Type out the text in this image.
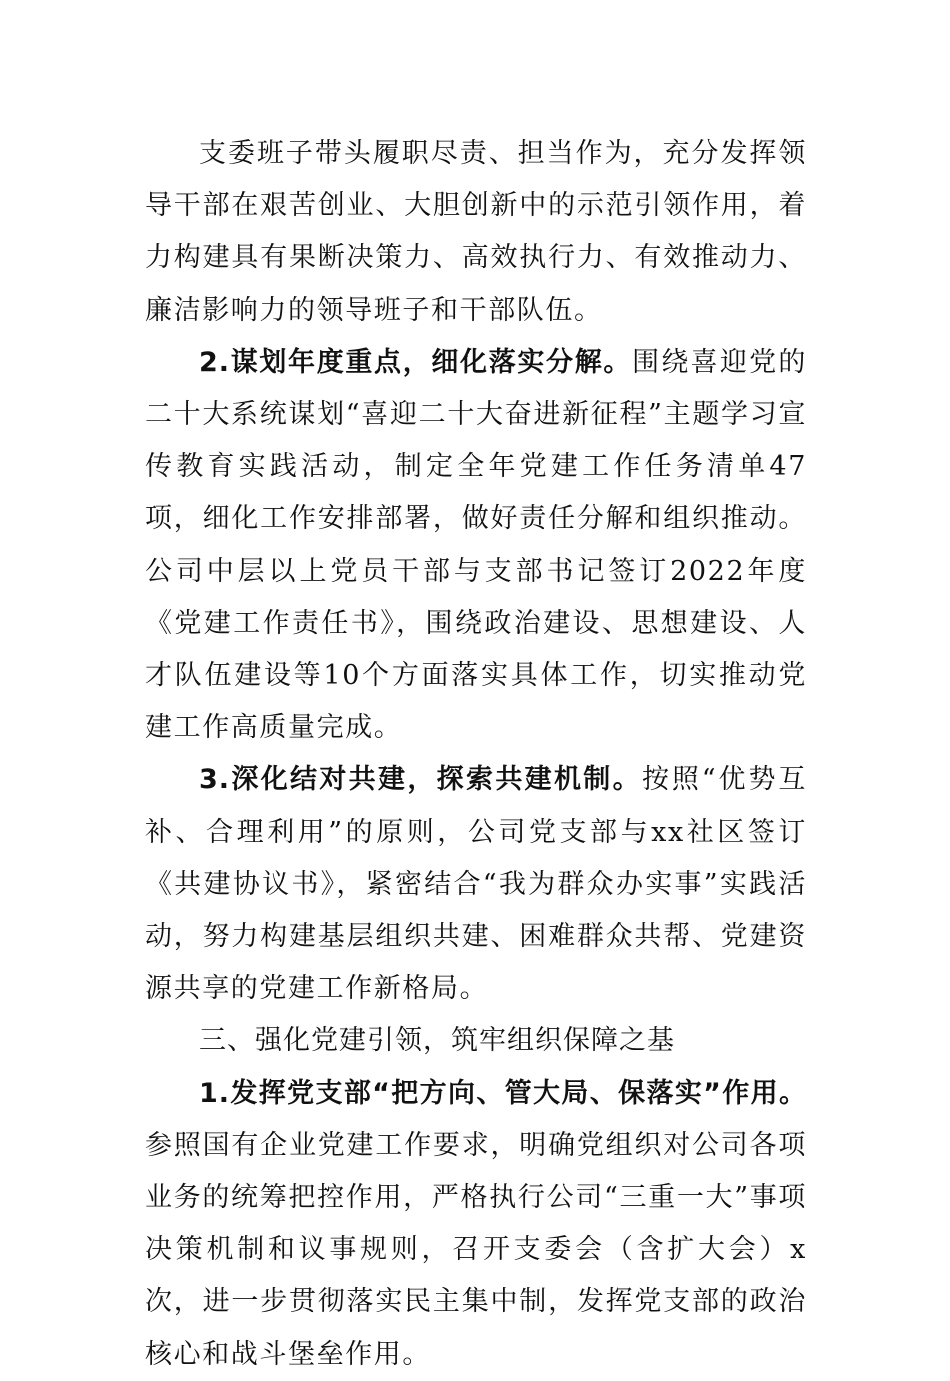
支委班子带头履职尽责、担当作为，充分发挥领导干部在艰苦创业、大胆创新中的示范引领作用，着力构建具有果断决策力、高效执行力、有效推动力、廉洁影响力的领导班子和干部队伍。

2.谋划年度重点，细化落实分解。围绕喜迎党的二十大系统谋划“喜迎二十大奋进新征程”主题学习宣传教育实践活动，制定全年党建工作任务清单47项，细化工作安排部署，做好责任分解和组织推动。公司中层以上党员干部与支部书记签订2022年度《党建工作责任书》，围绕政治建设、思想建设、人才队伍建设等10个方面落实具体工作，切实推动党建工作高质量完成。

3.深化结对共建，探索共建机制。按照“优势互补、合理利用”的原则，公司党支部与xx社区签订《共建协议书》，紧密结合“我为群众办实事”实践活动，努力构建基层组织共建、困难群众共帮、党建资源共享的党建工作新格局。

三、强化党建引领，筑牢组织保障之基

1.发挥党支部“把方向、管大局、保落实”作用。参照国有企业党建工作要求，明确党组织对公司各项业务的统筹把控作用，严格执行公司“三重一大”事项决策机制和议事规则，召开支委会（含扩大会）x次，进一步贯彻落实民主集中制，发挥党支部的政治核心和战斗堡垒作用。
